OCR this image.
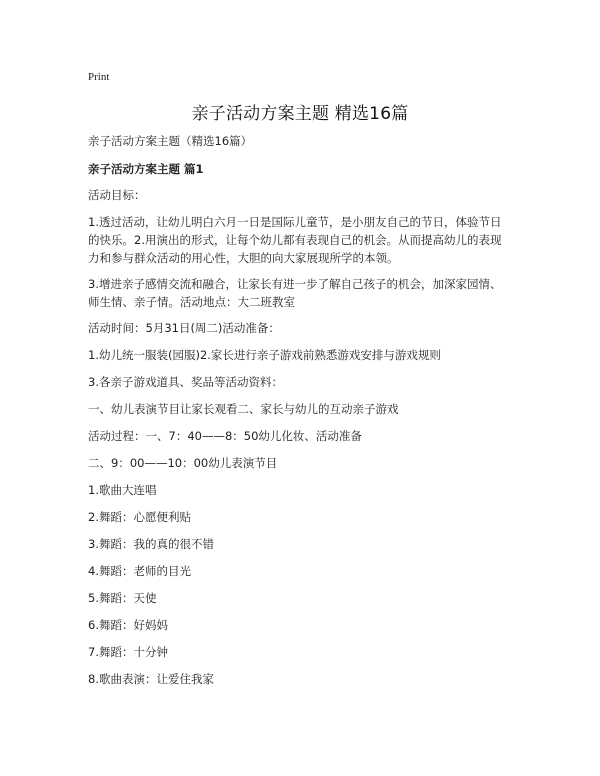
Print
亲子活动方案主题 精选16篇

亲子活动方案主题（精选16篇）

亲子活动方案主题 篇1

活动目标：

1.透过活动，让幼儿明白六月一日是国际儿童节，是小朋友自己的节日，体验节日的快乐。2.用演出的形式，让每个幼儿都有表现自己的机会。从而提高幼儿的表现力和参与群众活动的用心性，大胆的向大家展现所学的本领。

3.增进亲子感情交流和融合，让家长有进一步了解自己孩子的机会，加深家园情、师生情、亲子情。活动地点：大二班教室

活动时间：5月31日(周二)活动准备：

1.幼儿统一服装(园服)2.家长进行亲子游戏前熟悉游戏安排与游戏规则

3.各亲子游戏道具、奖品等活动资料：

一、幼儿表演节目让家长观看二、家长与幼儿的互动亲子游戏

活动过程：一、7：40——8：50幼儿化妆、活动准备

二、9：00——10：00幼儿表演节目

1.歌曲大连唱

2.舞蹈：心愿便利贴

3.舞蹈：我的真的很不错

4.舞蹈：老师的目光

5.舞蹈：天使

6.舞蹈：好妈妈

7.舞蹈：十分钟

8.歌曲表演：让爱住我家
